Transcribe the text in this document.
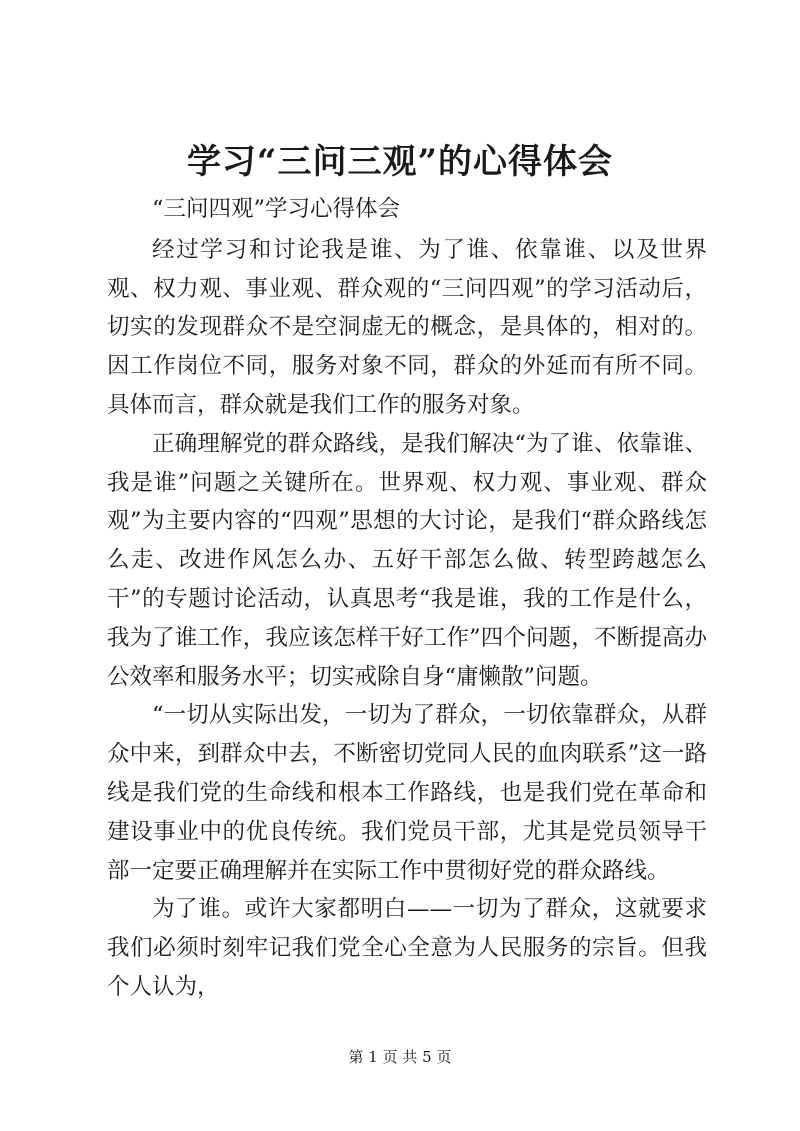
学习“三问三观”的心得体会

“三问四观”学习心得体会

经过学习和讨论我是谁、为了谁、依靠谁、以及世界观、权力观、事业观、群众观的“三问四观”的学习活动后，切实的发现群众不是空洞虚无的概念，是具体的，相对的。因工作岗位不同，服务对象不同，群众的外延而有所不同。具体而言，群众就是我们工作的服务对象。

正确理解党的群众路线，是我们解决“为了谁、依靠谁、我是谁”问题之关键所在。世界观、权力观、事业观、群众观”为主要内容的“四观”思想的大讨论，是我们“群众路线怎么走、改进作风怎么办、五好干部怎么做、转型跨越怎么干”的专题讨论活动，认真思考“我是谁，我的工作是什么，我为了谁工作，我应该怎样干好工作”四个问题，不断提高办公效率和服务水平；切实戒除自身“庸懒散”问题。

“一切从实际出发，一切为了群众，一切依靠群众，从群众中来，到群众中去，不断密切党同人民的血肉联系”这一路线是我们党的生命线和根本工作路线，也是我们党在革命和建设事业中的优良传统。我们党员干部，尤其是党员领导干部一定要正确理解并在实际工作中贯彻好党的群众路线。

为了谁。或许大家都明白——一切为了群众，这就要求我们必须时刻牢记我们党全心全意为人民服务的宗旨。但我个人认为，

第 1 页 共 5 页
